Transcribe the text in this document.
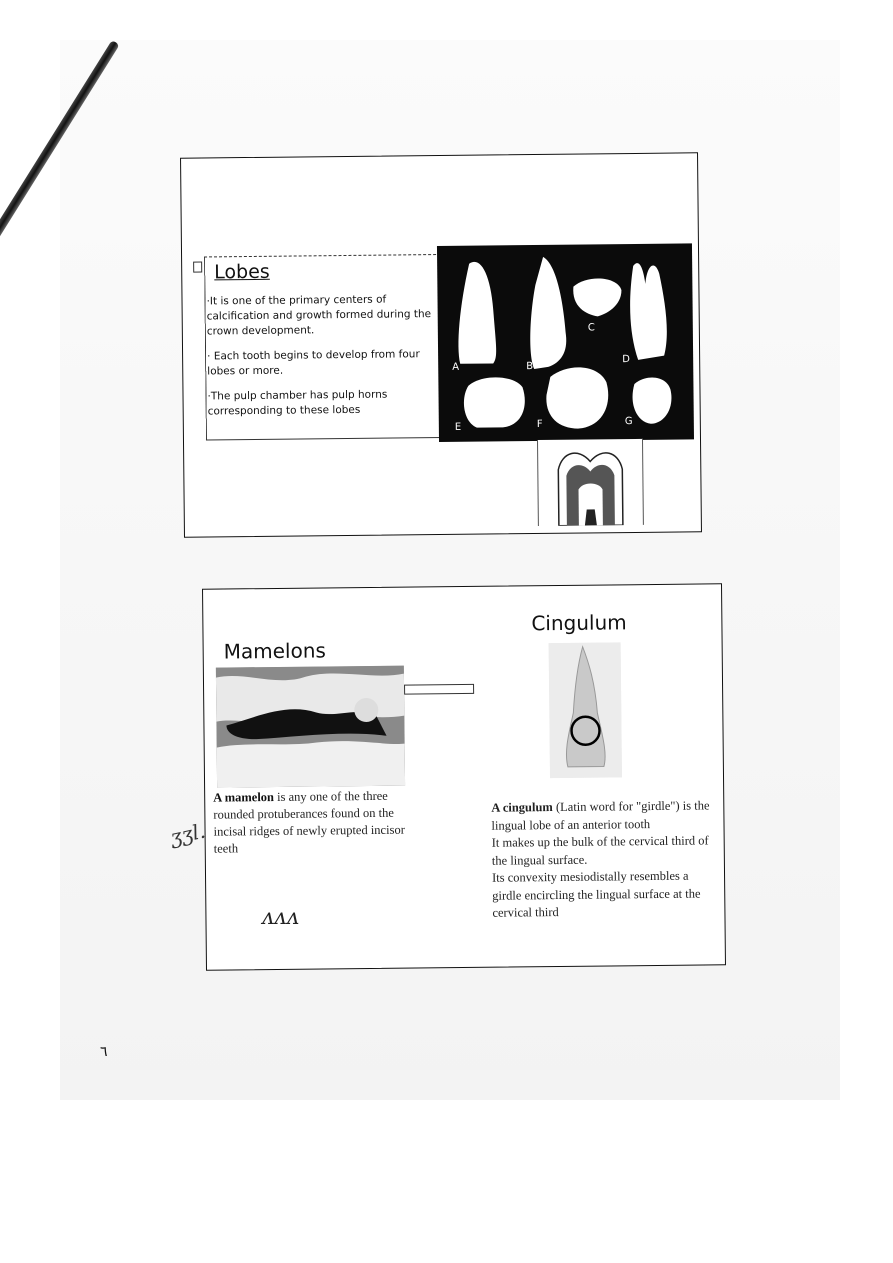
Lobes

·It is one of the primary centers of calcification and growth formed during the crown development.

· Each tooth begins to develop from four lobes or more.

·The pulp chamber has pulp horns corresponding to these lobes

A	B
C
D
E	F	G
Cingulum
Mamelons
A mamelon is any one of the three rounded protuberances found on the incisal ridges of newly erupted incisor teeth
A cingulum (Latin word for "girdle") is the lingual lobe of an anterior tooth
It makes up the bulk of the cervical third of the lingual surface.
Its convexity mesiodistally resembles a girdle encircling the lingual surface at the cervical third
ʒʒl.
ᴧᴧᴧ
٦
